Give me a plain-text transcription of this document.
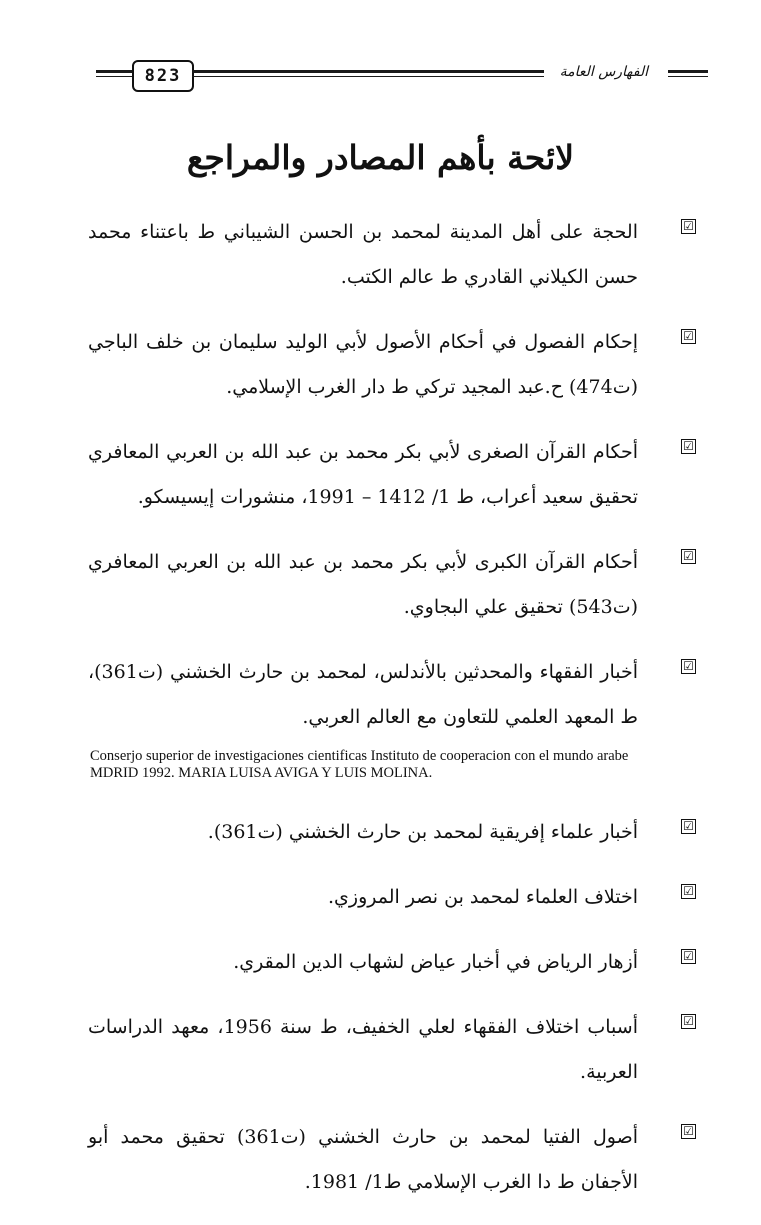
823	الفهارس العامة
لائحة بأهم المصادر والمراجع
☑
الحجة على أهل المدينة لمحمد بن الحسن الشيباني ط باعتناء محمد حسن الكيلاني القادري ط عالم الكتب.
☑
إحكام الفصول في أحكام الأصول لأبي الوليد سليمان بن خلف الباجي (ت474) ح.عبد المجيد تركي ط دار الغرب الإسلامي.
☑
أحكام القرآن الصغرى لأبي بكر محمد بن عبد الله بن العربي المعافري تحقيق سعيد أعراب، ط 1/ 1412 – 1991، منشورات إيسيسكو.
☑
أحكام القرآن الكبرى لأبي بكر محمد بن عبد الله بن العربي المعافري (ت543) تحقيق علي البجاوي.
☑
أخبار الفقهاء والمحدثين بالأندلس، لمحمد بن حارث الخشني (ت361)، ط المعهد العلمي للتعاون مع العالم العربي.
Conserjo superior de investigaciones cientificas Instituto de cooperacion con el mundo arabe MDRID 1992. MARIA LUISA AVIGA Y LUIS MOLINA.
☑
أخبار علماء إفريقية لمحمد بن حارث الخشني (ت361).
☑
اختلاف العلماء لمحمد بن نصر المروزي.
☑
أزهار الرياض في أخبار عياض لشهاب الدين المقري.
☑
أسباب اختلاف الفقهاء لعلي الخفيف، ط سنة 1956، معهد الدراسات العربية.
☑
أصول الفتيا لمحمد بن حارث الخشني (ت361) تحقيق محمد أبو الأجفان ط دا الغرب الإسلامي ط1/ 1981.
